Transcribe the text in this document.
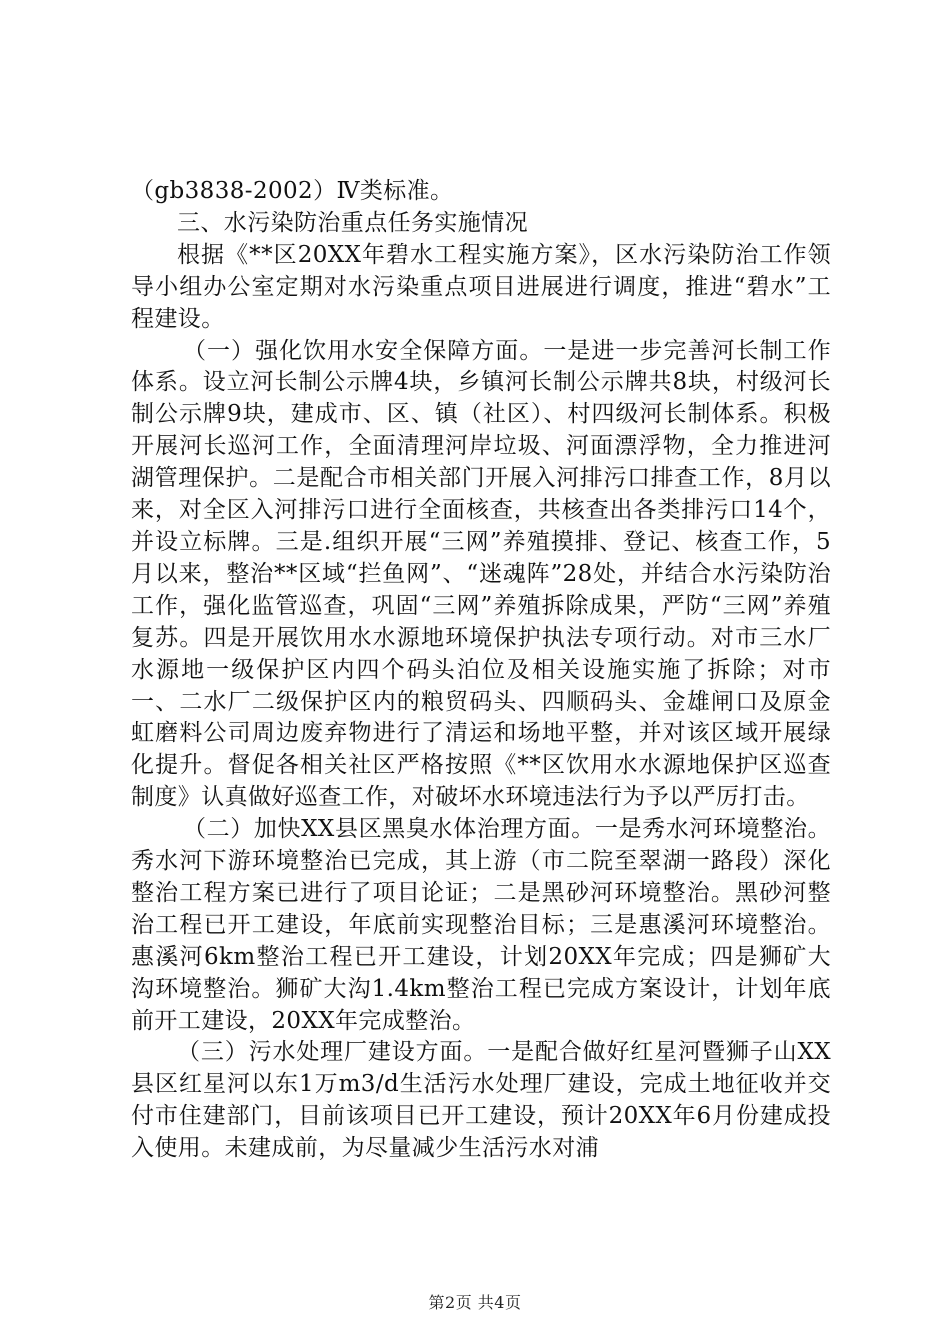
（gb3838-2002）Ⅳ类标准。

三、水污染防治重点任务实施情况

根据《**区20XX年碧水工程实施方案》，区水污染防治工作领导小组办公室定期对水污染重点项目进展进行调度，推进“碧水”工程建设。

（一）强化饮用水安全保障方面。一是进一步完善河长制工作体系。设立河长制公示牌4块，乡镇河长制公示牌共8块，村级河长制公示牌9块，建成市、区、镇（社区）、村四级河长制体系。积极开展河长巡河工作，全面清理河岸垃圾、河面漂浮物，全力推进河湖管理保护。二是配合市相关部门开展入河排污口排查工作，8月以来，对全区入河排污口进行全面核查，共核查出各类排污口14个，并设立标牌。三是.组织开展“三网”养殖摸排、登记、核查工作，5月以来，整治**区域“拦鱼网”、“迷魂阵”28处，并结合水污染防治工作，强化监管巡查，巩固“三网”养殖拆除成果，严防“三网”养殖复苏。四是开展饮用水水源地环境保护执法专项行动。对市三水厂水源地一级保护区内四个码头泊位及相关设施实施了拆除；对市一、二水厂二级保护区内的粮贸码头、四顺码头、金雄闸口及原金虹磨料公司周边废弃物进行了清运和场地平整，并对该区域开展绿化提升。督促各相关社区严格按照《**区饮用水水源地保护区巡查制度》认真做好巡查工作，对破坏水环境违法行为予以严厉打击。

（二）加快XX县区黑臭水体治理方面。一是秀水河环境整治。秀水河下游环境整治已完成，其上游（市二院至翠湖一路段）深化整治工程方案已进行了项目论证；二是黑砂河环境整治。黑砂河整治工程已开工建设，年底前实现整治目标；三是惠溪河环境整治。惠溪河6km整治工程已开工建设，计划20XX年完成；四是狮矿大沟环境整治。狮矿大沟1.4km整治工程已完成方案设计，计划年底前开工建设，20XX年完成整治。

（三）污水处理厂建设方面。一是配合做好红星河暨狮子山XX县区红星河以东1万m3/d生活污水处理厂建设，完成土地征收并交付市住建部门，目前该项目已开工建设，预计20XX年6月份建成投入使用。未建成前，为尽量减少生活污水对浦

第2页 共4页
